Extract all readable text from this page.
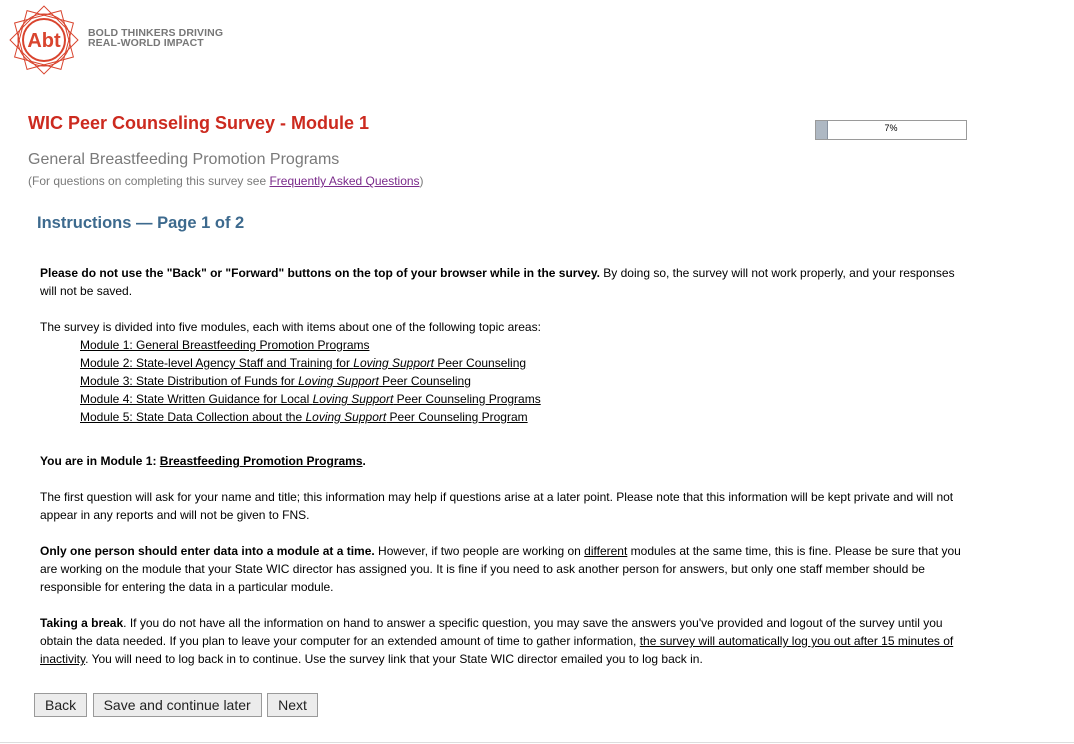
Abt	BOLD THINKERS DRIVING
REAL-WORLD IMPACT
WIC Peer Counseling Survey - Module 1	7%
General Breastfeeding Promotion Programs
(For questions on completing this survey see Frequently Asked Questions)
Instructions — Page 1 of 2

Please do not use the "Back" or "Forward" buttons on the top of your browser while in the survey. By doing so, the survey will not work properly, and your responses will not be saved.

The survey is divided into five modules, each with items about one of the following topic areas:

Module 1: General Breastfeeding Promotion Programs
Module 2: State-level Agency Staff and Training for Loving Support Peer Counseling
Module 3: State Distribution of Funds for Loving Support Peer Counseling
Module 4: State Written Guidance for Local Loving Support Peer Counseling Programs
Module 5: State Data Collection about the Loving Support Peer Counseling Program

You are in Module 1: Breastfeeding Promotion Programs.

The first question will ask for your name and title; this information may help if questions arise at a later point. Please note that this information will be kept private and will not appear in any reports and will not be given to FNS.

Only one person should enter data into a module at a time. However, if two people are working on different modules at the same time, this is fine. Please be sure that you are working on the module that your State WIC director has assigned you. It is fine if you need to ask another person for answers, but only one staff member should be responsible for entering the data in a particular module.

Taking a break. If you do not have all the information on hand to answer a specific question, you may save the answers you've provided and logout of the survey until you obtain the data needed. If you plan to leave your computer for an extended amount of time to gather information, the survey will automatically log you out after 15 minutes of inactivity. You will need to log back in to continue. Use the survey link that your State WIC director emailed you to log back in.

Back Save and continue later Next
